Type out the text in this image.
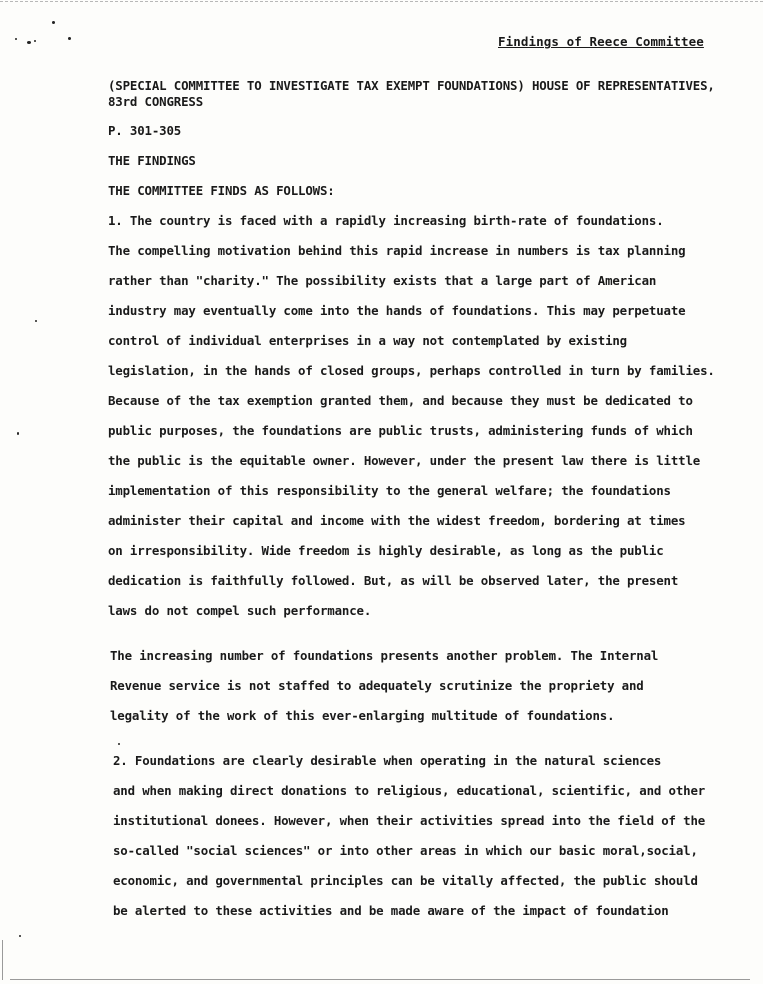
Findings of Reece Committee
(SPECIAL COMMITTEE TO INVESTIGATE TAX EXEMPT FOUNDATIONS) HOUSE OF REPRESENTATIVES,
83rd CONGRESS
P. 301-305
THE FINDINGS
THE COMMITTEE FINDS AS FOLLOWS:
1. The country is faced with a rapidly increasing birth-rate of foundations.
The compelling motivation behind this rapid increase in numbers is tax planning
rather than "charity." The possibility exists that a large part of American
industry may eventually come into the hands of foundations. This may perpetuate
control of individual enterprises in a way not contemplated by existing
legislation, in the hands of closed groups, perhaps controlled in turn by families.
Because of the tax exemption granted them, and because they must be dedicated to
public purposes, the foundations are public trusts, administering funds of which
the public is the equitable owner. However, under the present law there is little
implementation of this responsibility to the general welfare; the foundations
administer their capital and income with the widest freedom, bordering at times
on irresponsibility. Wide freedom is highly desirable, as long as the public
dedication is faithfully followed. But, as will be observed later, the present
laws do not compel such performance.
The increasing number of foundations presents another problem. The Internal
Revenue service is not staffed to adequately scrutinize the propriety and
legality of the work of this ever-enlarging multitude of foundations.
2. Foundations are clearly desirable when operating in the natural sciences
and when making direct donations to religious, educational, scientific, and other
institutional donees. However, when their activities spread into the field of the
so-called "social sciences" or into other areas in which our basic moral,social,
economic, and governmental principles can be vitally affected, the public should
be alerted to these activities and be made aware of the impact of foundation
